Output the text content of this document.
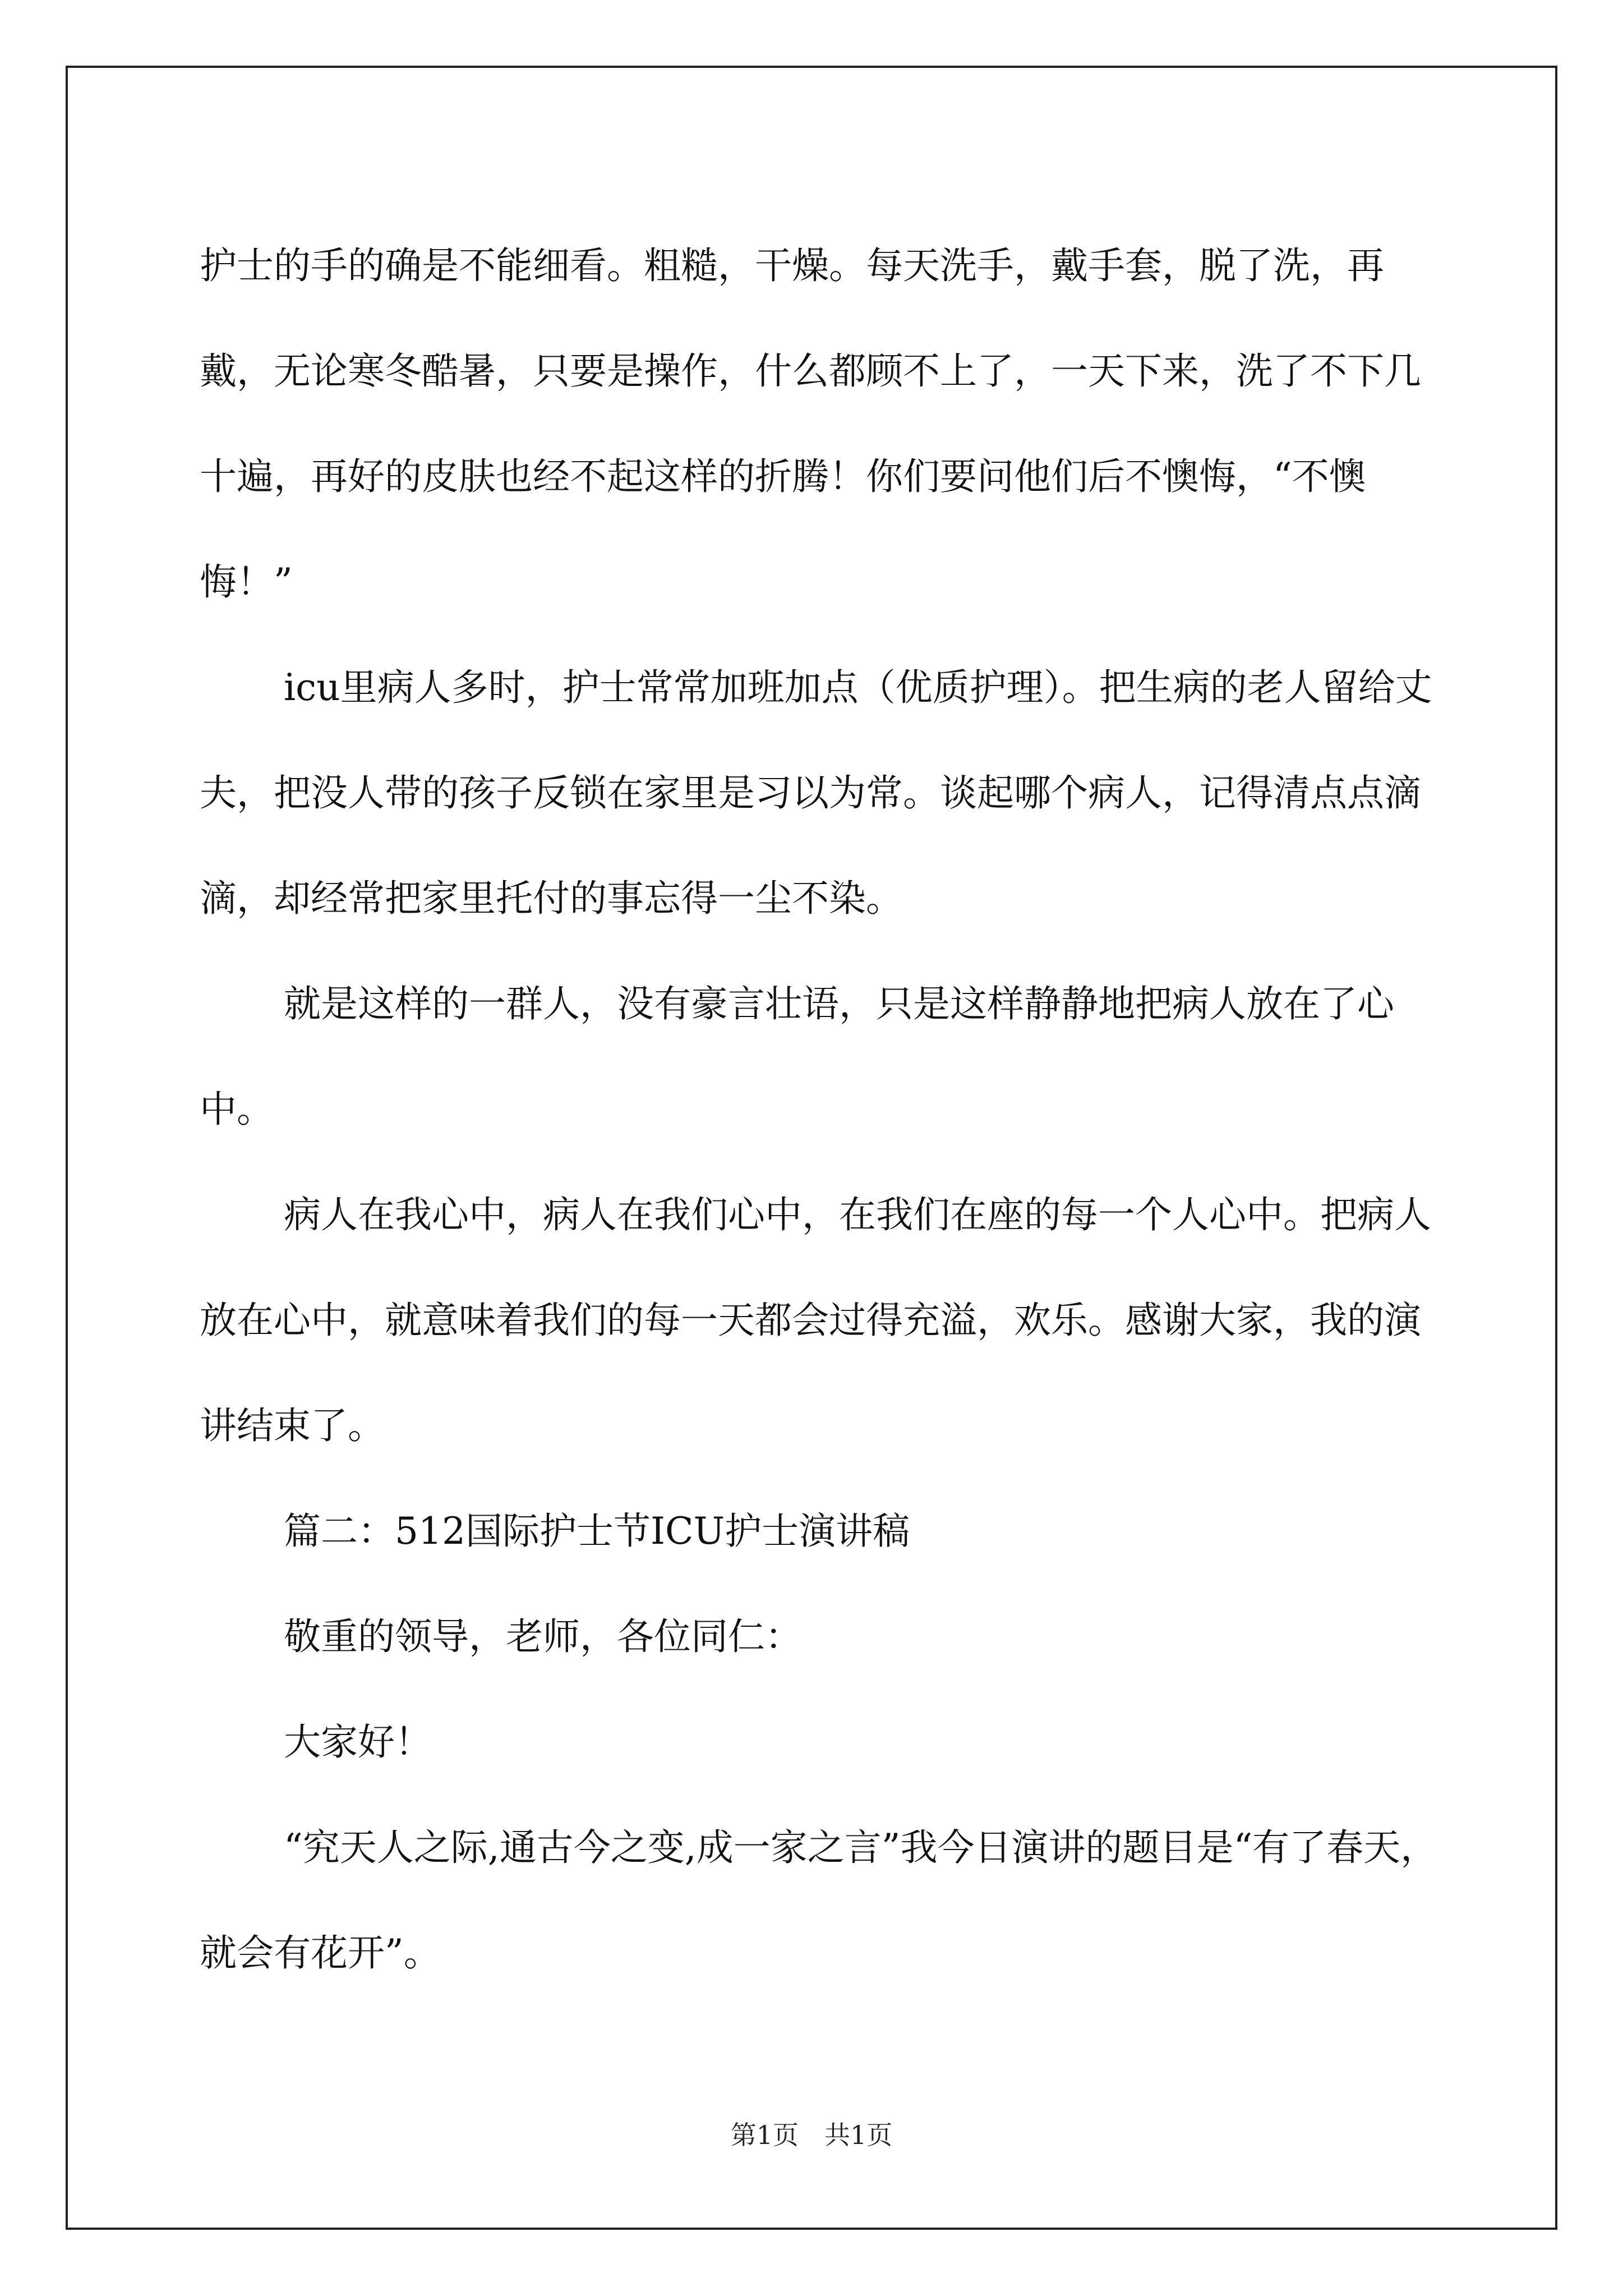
护士的手的确是不能细看。粗糙，干燥。每天洗手，戴手套，脱了洗，再戴，无论寒冬酷暑，只要是操作，什么都顾不上了，一天下来，洗了不下几十遍，再好的皮肤也经不起这样的折腾！你们要问他们后不懊悔，“不懊悔！”

icu里病人多时，护士常常加班加点（优质护理）。把生病的老人留给丈夫，把没人带的孩子反锁在家里是习以为常。谈起哪个病人，记得清点点滴滴，却经常把家里托付的事忘得一尘不染。

就是这样的一群人，没有豪言壮语，只是这样静静地把病人放在了心中。

病人在我心中，病人在我们心中，在我们在座的每一个人心中。把病人放在心中，就意味着我们的每一天都会过得充溢，欢乐。感谢大家，我的演讲结束了。

篇二：512国际护士节ICU护士演讲稿

敬重的领导，老师，各位同仁：

大家好！

“究天人之际,通古今之变,成一家之言”我今日演讲的题目是“有了春天，就会有花开”。

第1页　共1页
